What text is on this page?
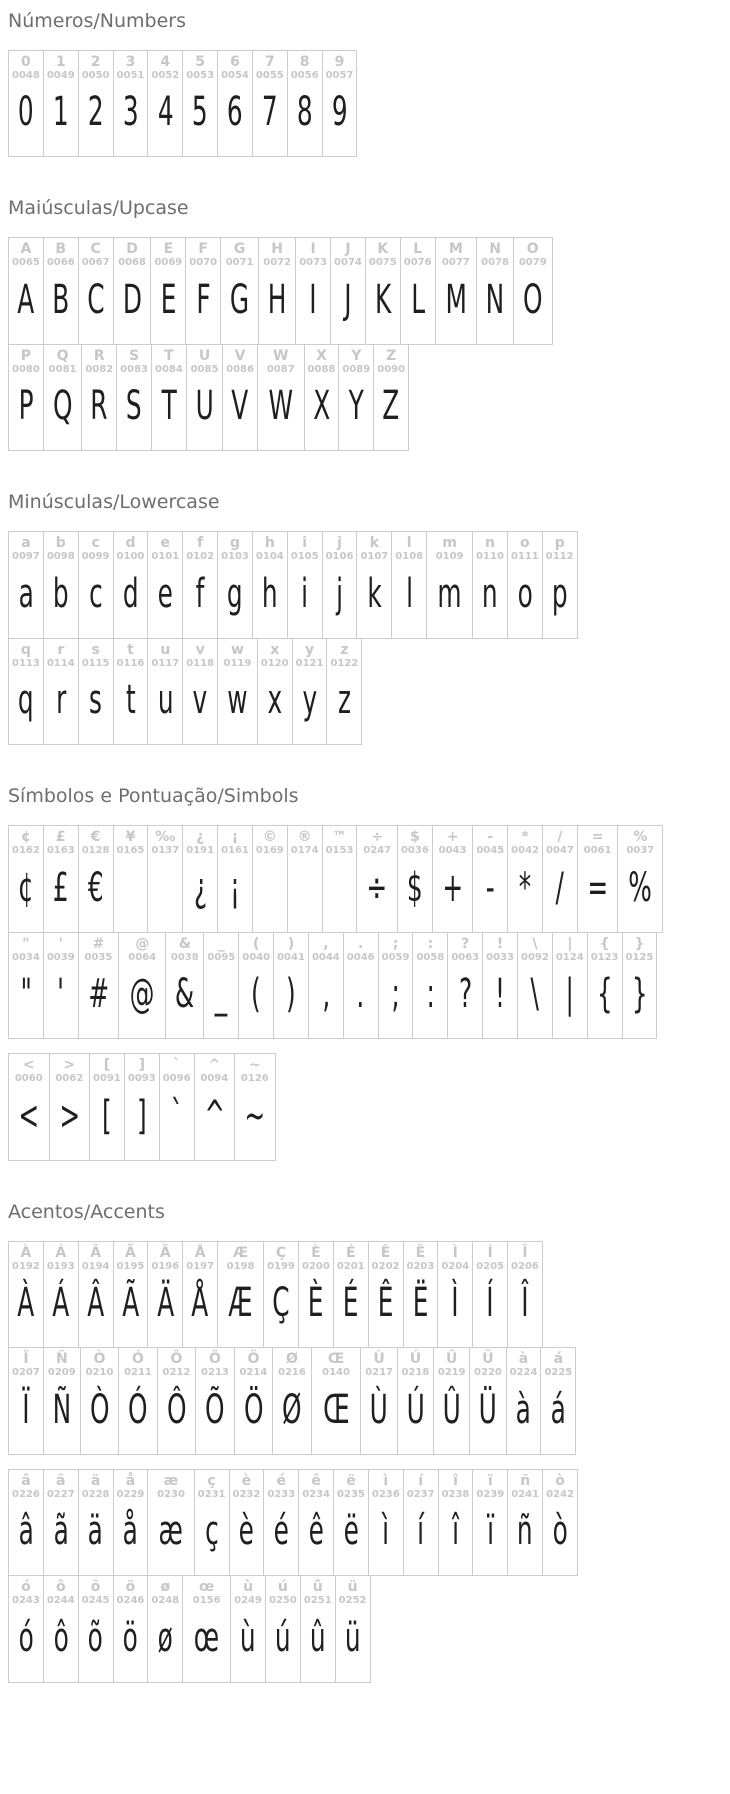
Números/Numbers
0
0048
0
1
0049
1
2
0050
2
3
0051
3
4
0052
4
5
0053
5
6
0054
6
7
0055
7
8
0056
8
9
0057
9
Maiúsculas/Upcase
A
0065
A
B
0066
B
C
0067
C
D
0068
D
E
0069
E
F
0070
F
G
0071
G
H
0072
H
I
0073
I
J
0074
J
K
0075
K
L
0076
L
M
0077
M
N
0078
N
O
0079
O
P
0080
P
Q
0081
Q
R
0082
R
S
0083
S
T
0084
T
U
0085
U
V
0086
V
W
0087
W
X
0088
X
Y
0089
Y
Z
0090
Z
Minúsculas/Lowercase
a
0097
a
b
0098
b
c
0099
c
d
0100
d
e
0101
e
f
0102
f
g
0103
g
h
0104
h
i
0105
i
j
0106
j
k
0107
k
l
0108
l
m
0109
m
n
0110
n
o
0111
o
p
0112
p
q
0113
q
r
0114
r
s
0115
s
t
0116
t
u
0117
u
v
0118
v
w
0119
w
x
0120
x
y
0121
y
z
0122
z
Símbolos e Pontuação/Simbols
¢
0162
¢
£
0163
£
€
0128
€
¥
0165
‰
0137
¿
0191
¿
¡
0161
¡
©
0169
®
0174
™
0153
÷
0247
÷
$
0036
$
+
0043
+
-
0045
-
*
0042
*
/
0047
/
=
0061
=
%
0037
%
"
0034
"
'
0039
'
#
0035
#
@
0064
@
&
0038
&
_
0095
_
(
0040
(
)
0041
)
,
0044
,
.
0046
.
;
0059
;
:
0058
:
?
0063
?
!
0033
!
\
0092
\
|
0124
|
{
0123
{
}
0125
}
<
0060
<
>
0062
>
[
0091
[
]
0093
]
`
0096
`
^
0094
^
~
0126
~
Acentos/Accents
À
0192
À
Á
0193
Á
Â
0194
Â
Ã
0195
Ã
Ä
0196
Ä
Å
0197
Å
Æ
0198
Æ
Ç
0199
Ç
È
0200
È
É
0201
É
Ê
0202
Ê
Ë
0203
Ë
Ì
0204
Ì
Í
0205
Í
Î
0206
Î
Ï
0207
Ï
Ñ
0209
Ñ
Ò
0210
Ò
Ó
0211
Ó
Ô
0212
Ô
Õ
0213
Õ
Ö
0214
Ö
Ø
0216
Ø
Œ
0140
Œ
Ù
0217
Ù
Ú
0218
Ú
Û
0219
Û
Ü
0220
Ü
à
0224
à
á
0225
á
â
0226
â
ã
0227
ã
ä
0228
ä
å
0229
å
æ
0230
æ
ç
0231
ç
è
0232
è
é
0233
é
ê
0234
ê
ë
0235
ë
ì
0236
ì
í
0237
í
î
0238
î
ï
0239
ï
ñ
0241
ñ
ò
0242
ò
ó
0243
ó
ô
0244
ô
õ
0245
õ
ö
0246
ö
ø
0248
ø
œ
0156
œ
ù
0249
ù
ú
0250
ú
û
0251
û
ü
0252
ü
